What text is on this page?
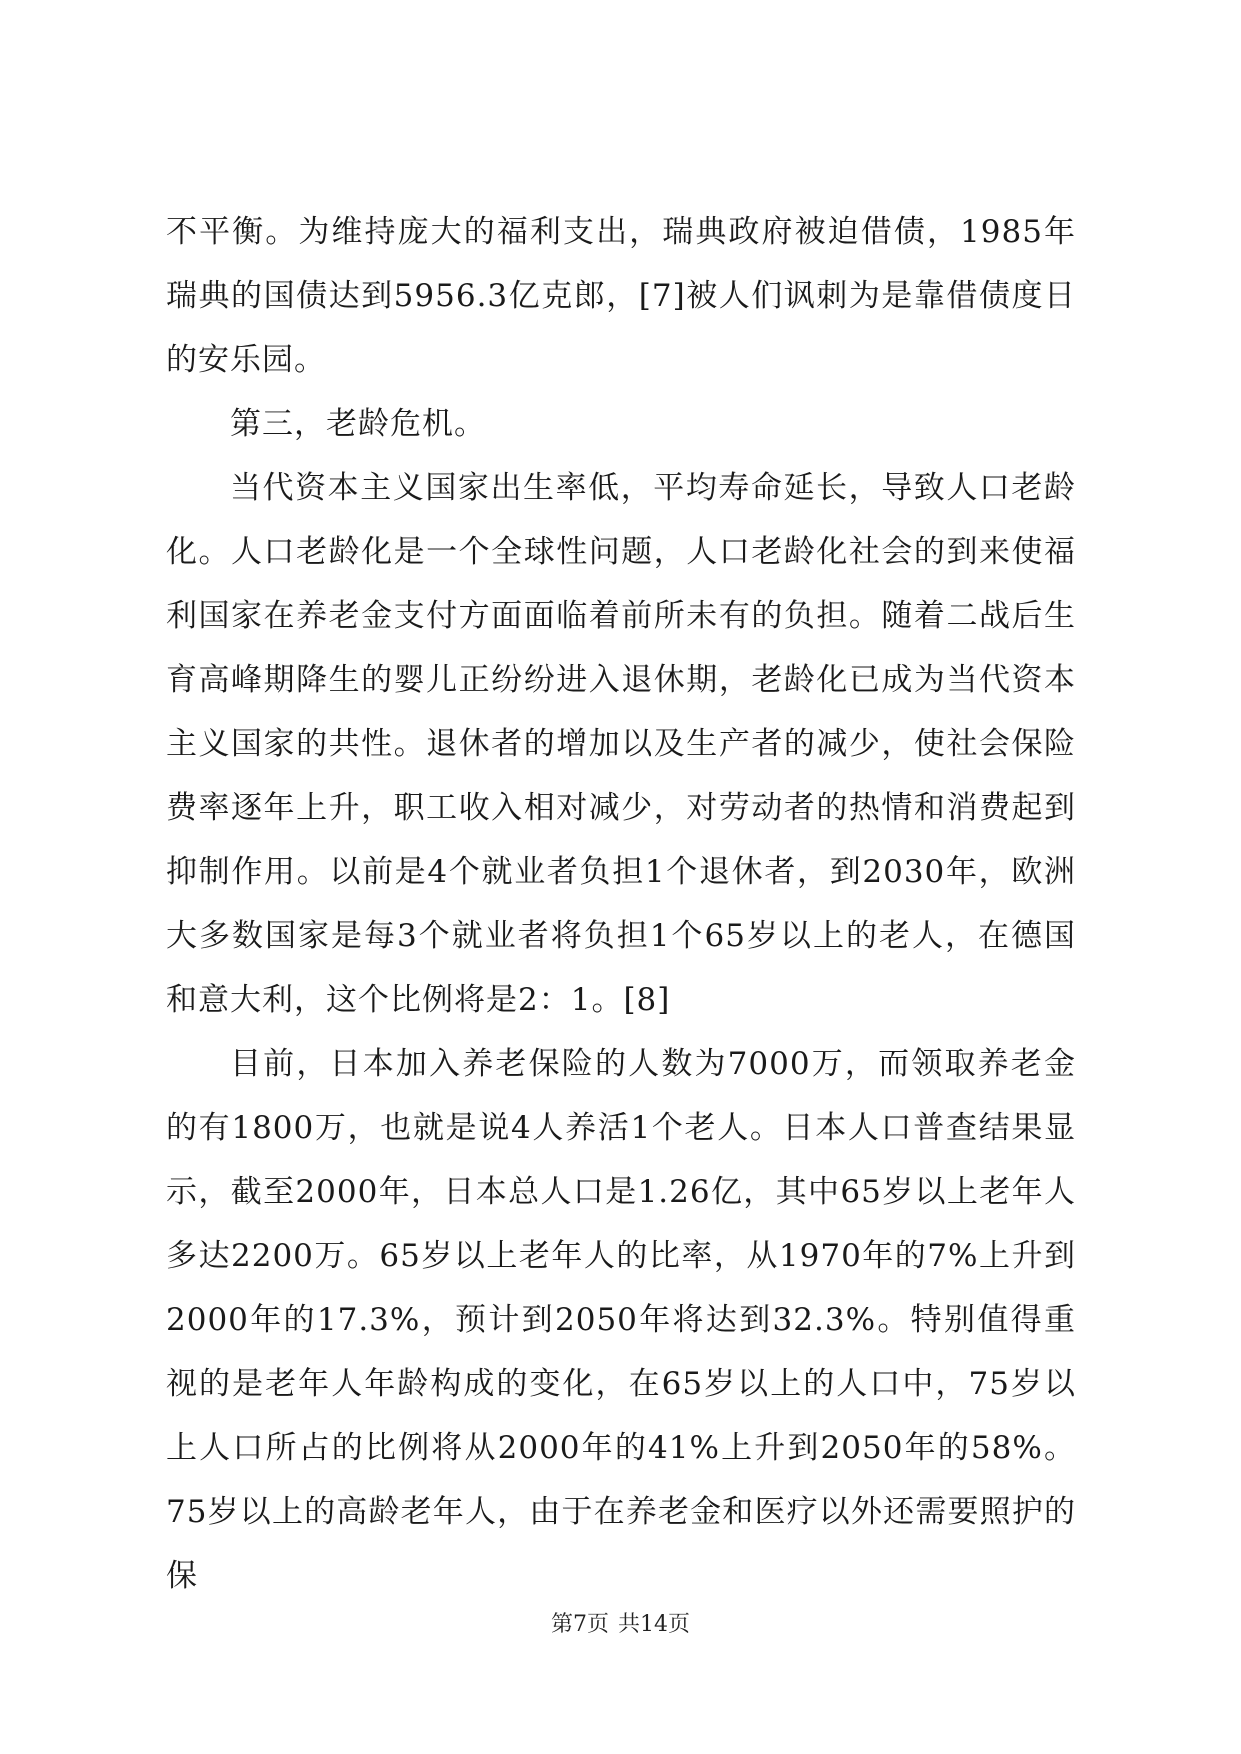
不平衡。为维持庞大的福利支出，瑞典政府被迫借债，1985年瑞典的国债达到5956.3亿克郎，[7]被人们讽刺为是靠借债度日的安乐园。

第三，老龄危机。

当代资本主义国家出生率低，平均寿命延长，导致人口老龄化。人口老龄化是一个全球性问题，人口老龄化社会的到来使福利国家在养老金支付方面面临着前所未有的负担。随着二战后生育高峰期降生的婴儿正纷纷进入退休期，老龄化已成为当代资本主义国家的共性。退休者的增加以及生产者的减少，使社会保险费率逐年上升，职工收入相对减少，对劳动者的热情和消费起到抑制作用。以前是4个就业者负担1个退休者，到2030年，欧洲大多数国家是每3个就业者将负担1个65岁以上的老人，在德国和意大利，这个比例将是2：1。[8]

目前，日本加入养老保险的人数为7000万，而领取养老金的有1800万，也就是说4人养活1个老人。日本人口普查结果显示，截至2000年，日本总人口是1.26亿，其中65岁以上老年人多达2200万。65岁以上老年人的比率，从1970年的7%上升到2000年的17.3%，预计到2050年将达到32.3%。特别值得重视的是老年人年龄构成的变化，在65岁以上的人口中，75岁以上人口所占的比例将从2000年的41%上升到2050年的58%。75岁以上的高龄老年人，由于在养老金和医疗以外还需要照护的保

第7页 共14页
